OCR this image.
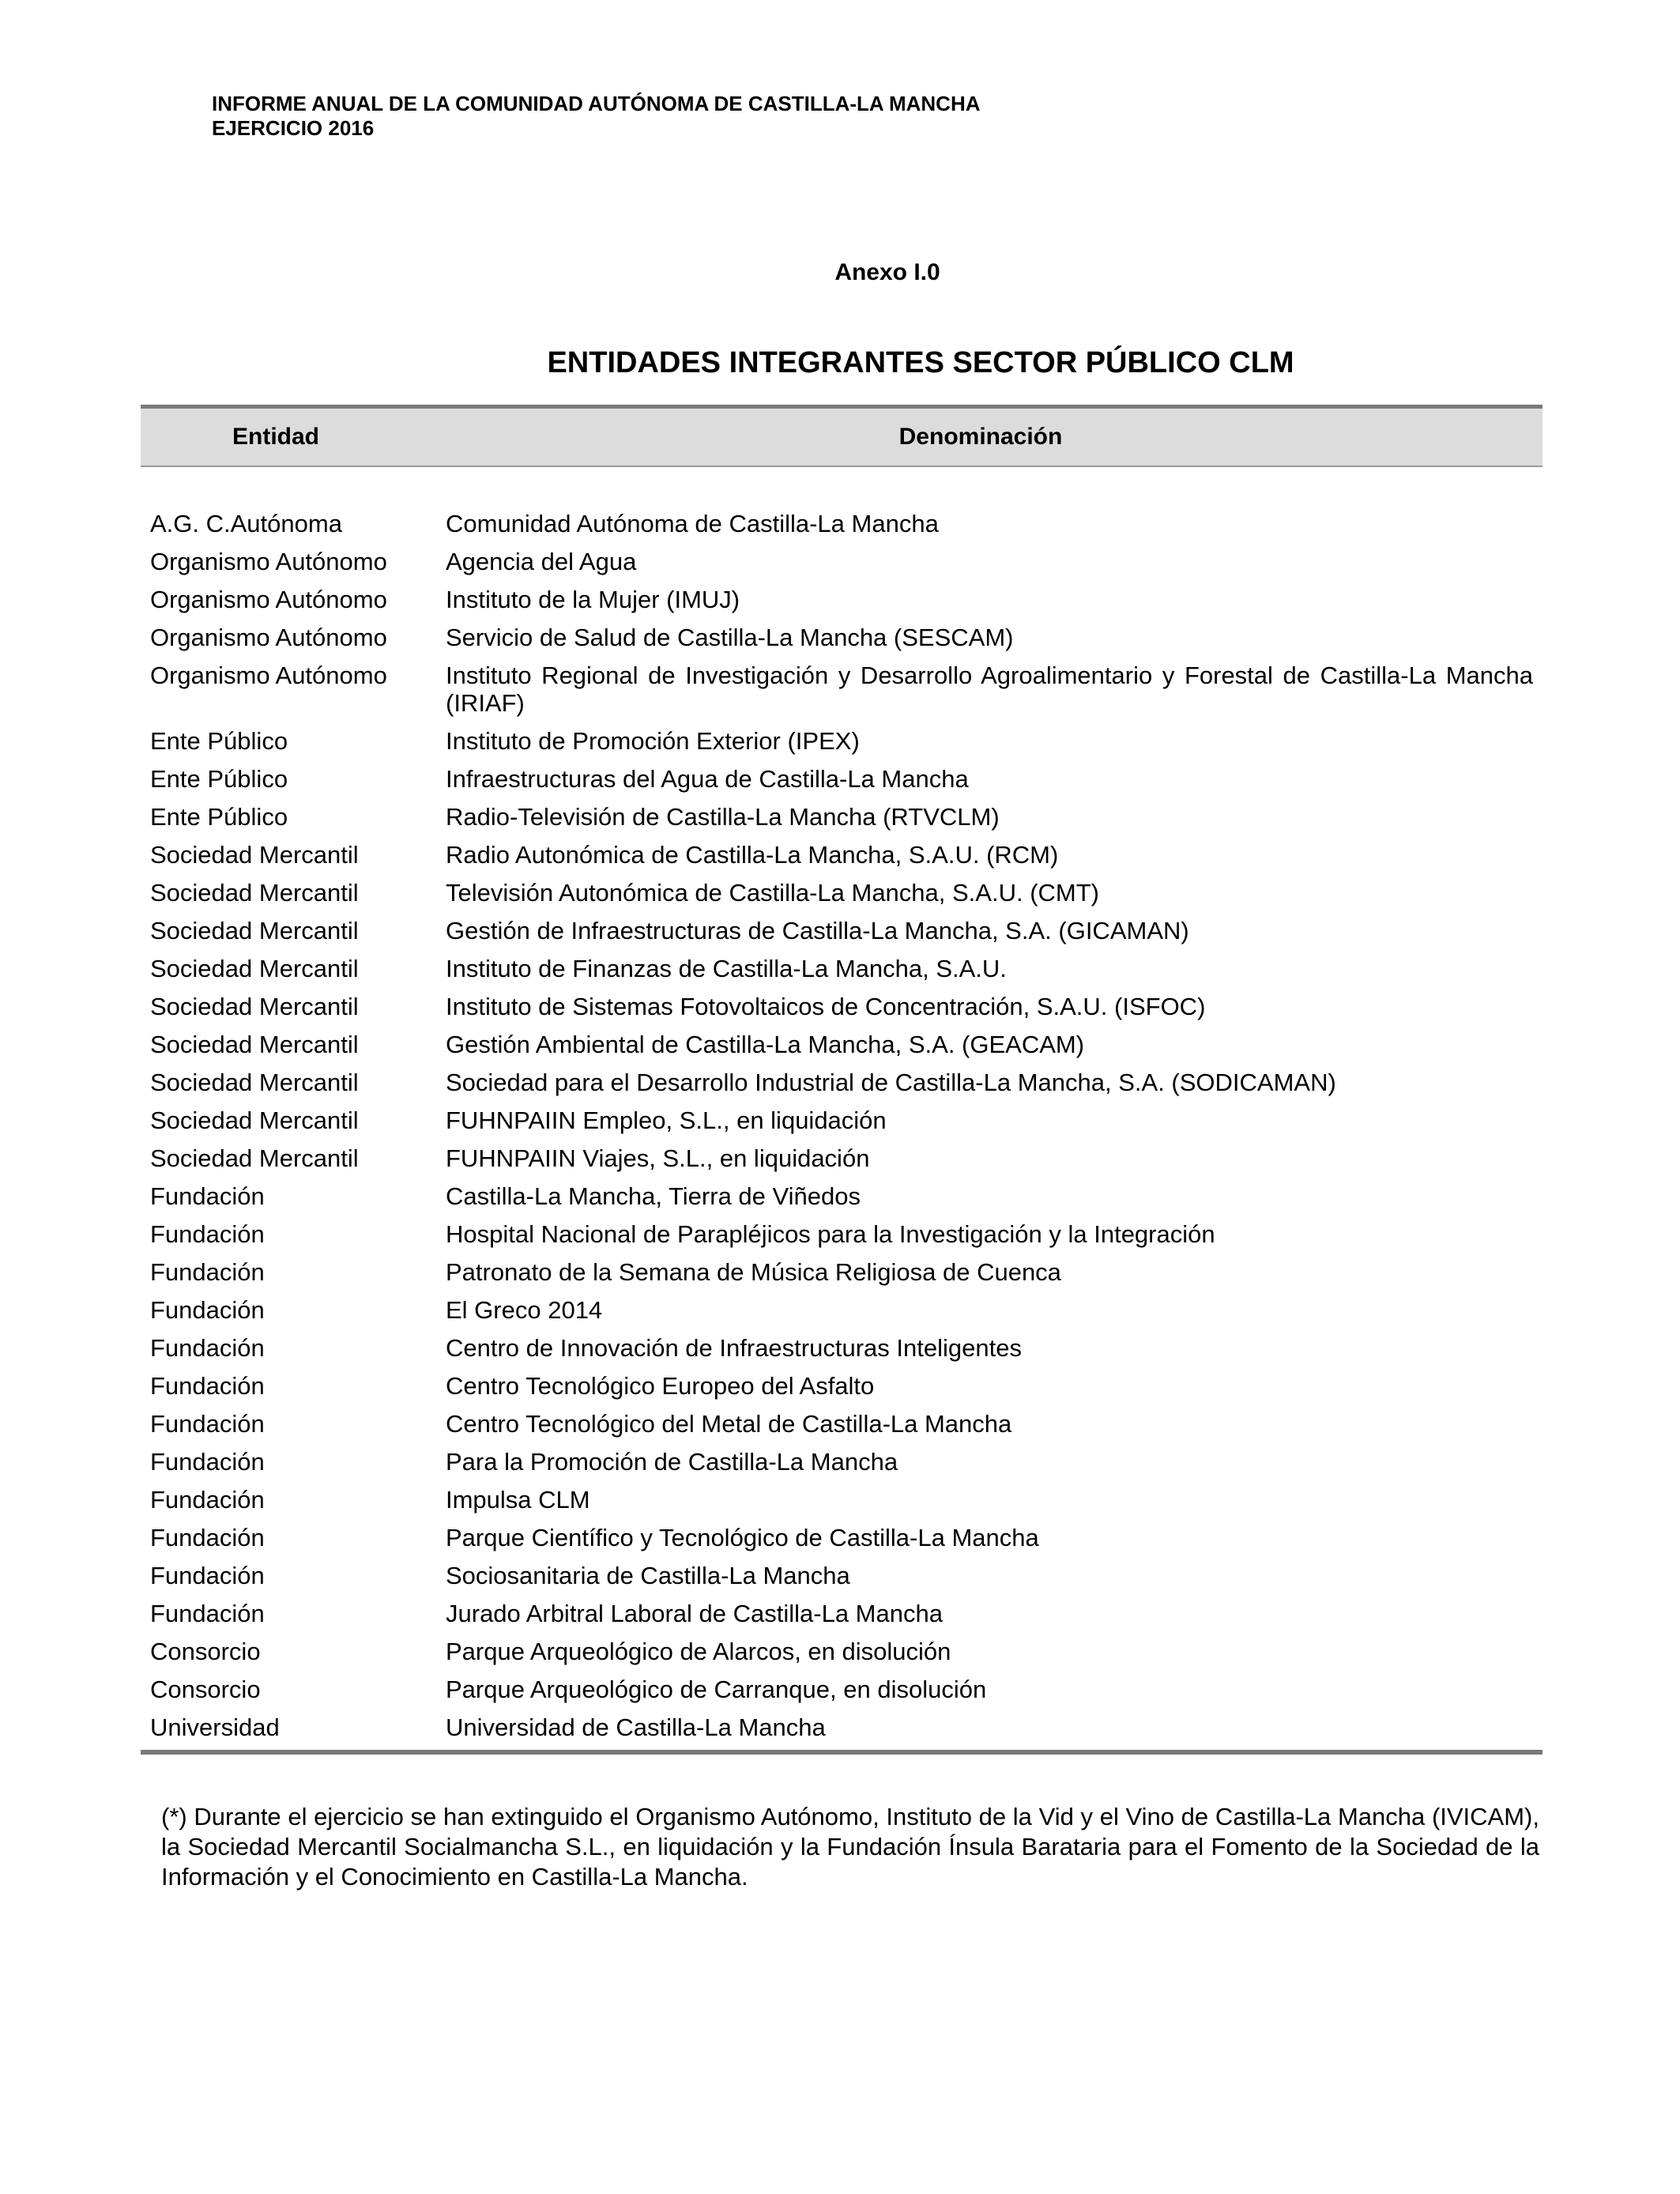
INFORME ANUAL DE LA COMUNIDAD AUTÓNOMA DE CASTILLA-LA MANCHA
EJERCICIO 2016
Anexo I.0
ENTIDADES INTEGRANTES SECTOR PÚBLICO CLM
Entidad	Denominación
A.G. C.Autónoma	Comunidad Autónoma de Castilla-La Mancha
Organismo Autónomo	Agencia del Agua
Organismo Autónomo	Instituto de la Mujer (IMUJ)
Organismo Autónomo	Servicio de Salud de Castilla-La Mancha (SESCAM)
Organismo Autónomo	Instituto Regional de Investigación y Desarrollo Agroalimentario y Forestal de Castilla-La Mancha (IRIAF)
Ente Público	Instituto de Promoción Exterior (IPEX)
Ente Público	Infraestructuras del Agua de Castilla-La Mancha
Ente Público	Radio-Televisión de Castilla-La Mancha (RTVCLM)
Sociedad Mercantil	Radio Autonómica de Castilla-La Mancha, S.A.U. (RCM)
Sociedad Mercantil	Televisión Autonómica de Castilla-La Mancha, S.A.U. (CMT)
Sociedad Mercantil	Gestión de Infraestructuras de Castilla-La Mancha, S.A. (GICAMAN)
Sociedad Mercantil	Instituto de Finanzas de Castilla-La Mancha, S.A.U.
Sociedad Mercantil	Instituto de Sistemas Fotovoltaicos de Concentración, S.A.U. (ISFOC)
Sociedad Mercantil	Gestión Ambiental de Castilla-La Mancha, S.A. (GEACAM)
Sociedad Mercantil	Sociedad para el Desarrollo Industrial de Castilla-La Mancha, S.A. (SODICAMAN)
Sociedad Mercantil	FUHNPAIIN Empleo, S.L., en liquidación
Sociedad Mercantil	FUHNPAIIN Viajes, S.L., en liquidación
Fundación	Castilla-La Mancha, Tierra de Viñedos
Fundación	Hospital Nacional de Parapléjicos para la Investigación y la Integración
Fundación	Patronato de la Semana de Música Religiosa de Cuenca
Fundación	El Greco 2014
Fundación	Centro de Innovación de Infraestructuras Inteligentes
Fundación	Centro Tecnológico Europeo del Asfalto
Fundación	Centro Tecnológico del Metal de Castilla-La Mancha
Fundación	Para la Promoción de Castilla-La Mancha
Fundación	Impulsa CLM
Fundación	Parque Científico y Tecnológico de Castilla-La Mancha
Fundación	Sociosanitaria de Castilla-La Mancha
Fundación	Jurado Arbitral Laboral de Castilla-La Mancha
Consorcio	Parque Arqueológico de Alarcos, en disolución
Consorcio	Parque Arqueológico de Carranque, en disolución
Universidad	Universidad de Castilla-La Mancha
(*) Durante el ejercicio se han extinguido el Organismo Autónomo, Instituto de la Vid y el Vino de Castilla-La Mancha (IVICAM), la Sociedad Mercantil Socialmancha S.L., en liquidación y la Fundación Ínsula Barataria para el Fomento de la Sociedad de la Información y el Conocimiento en Castilla-La Mancha.
